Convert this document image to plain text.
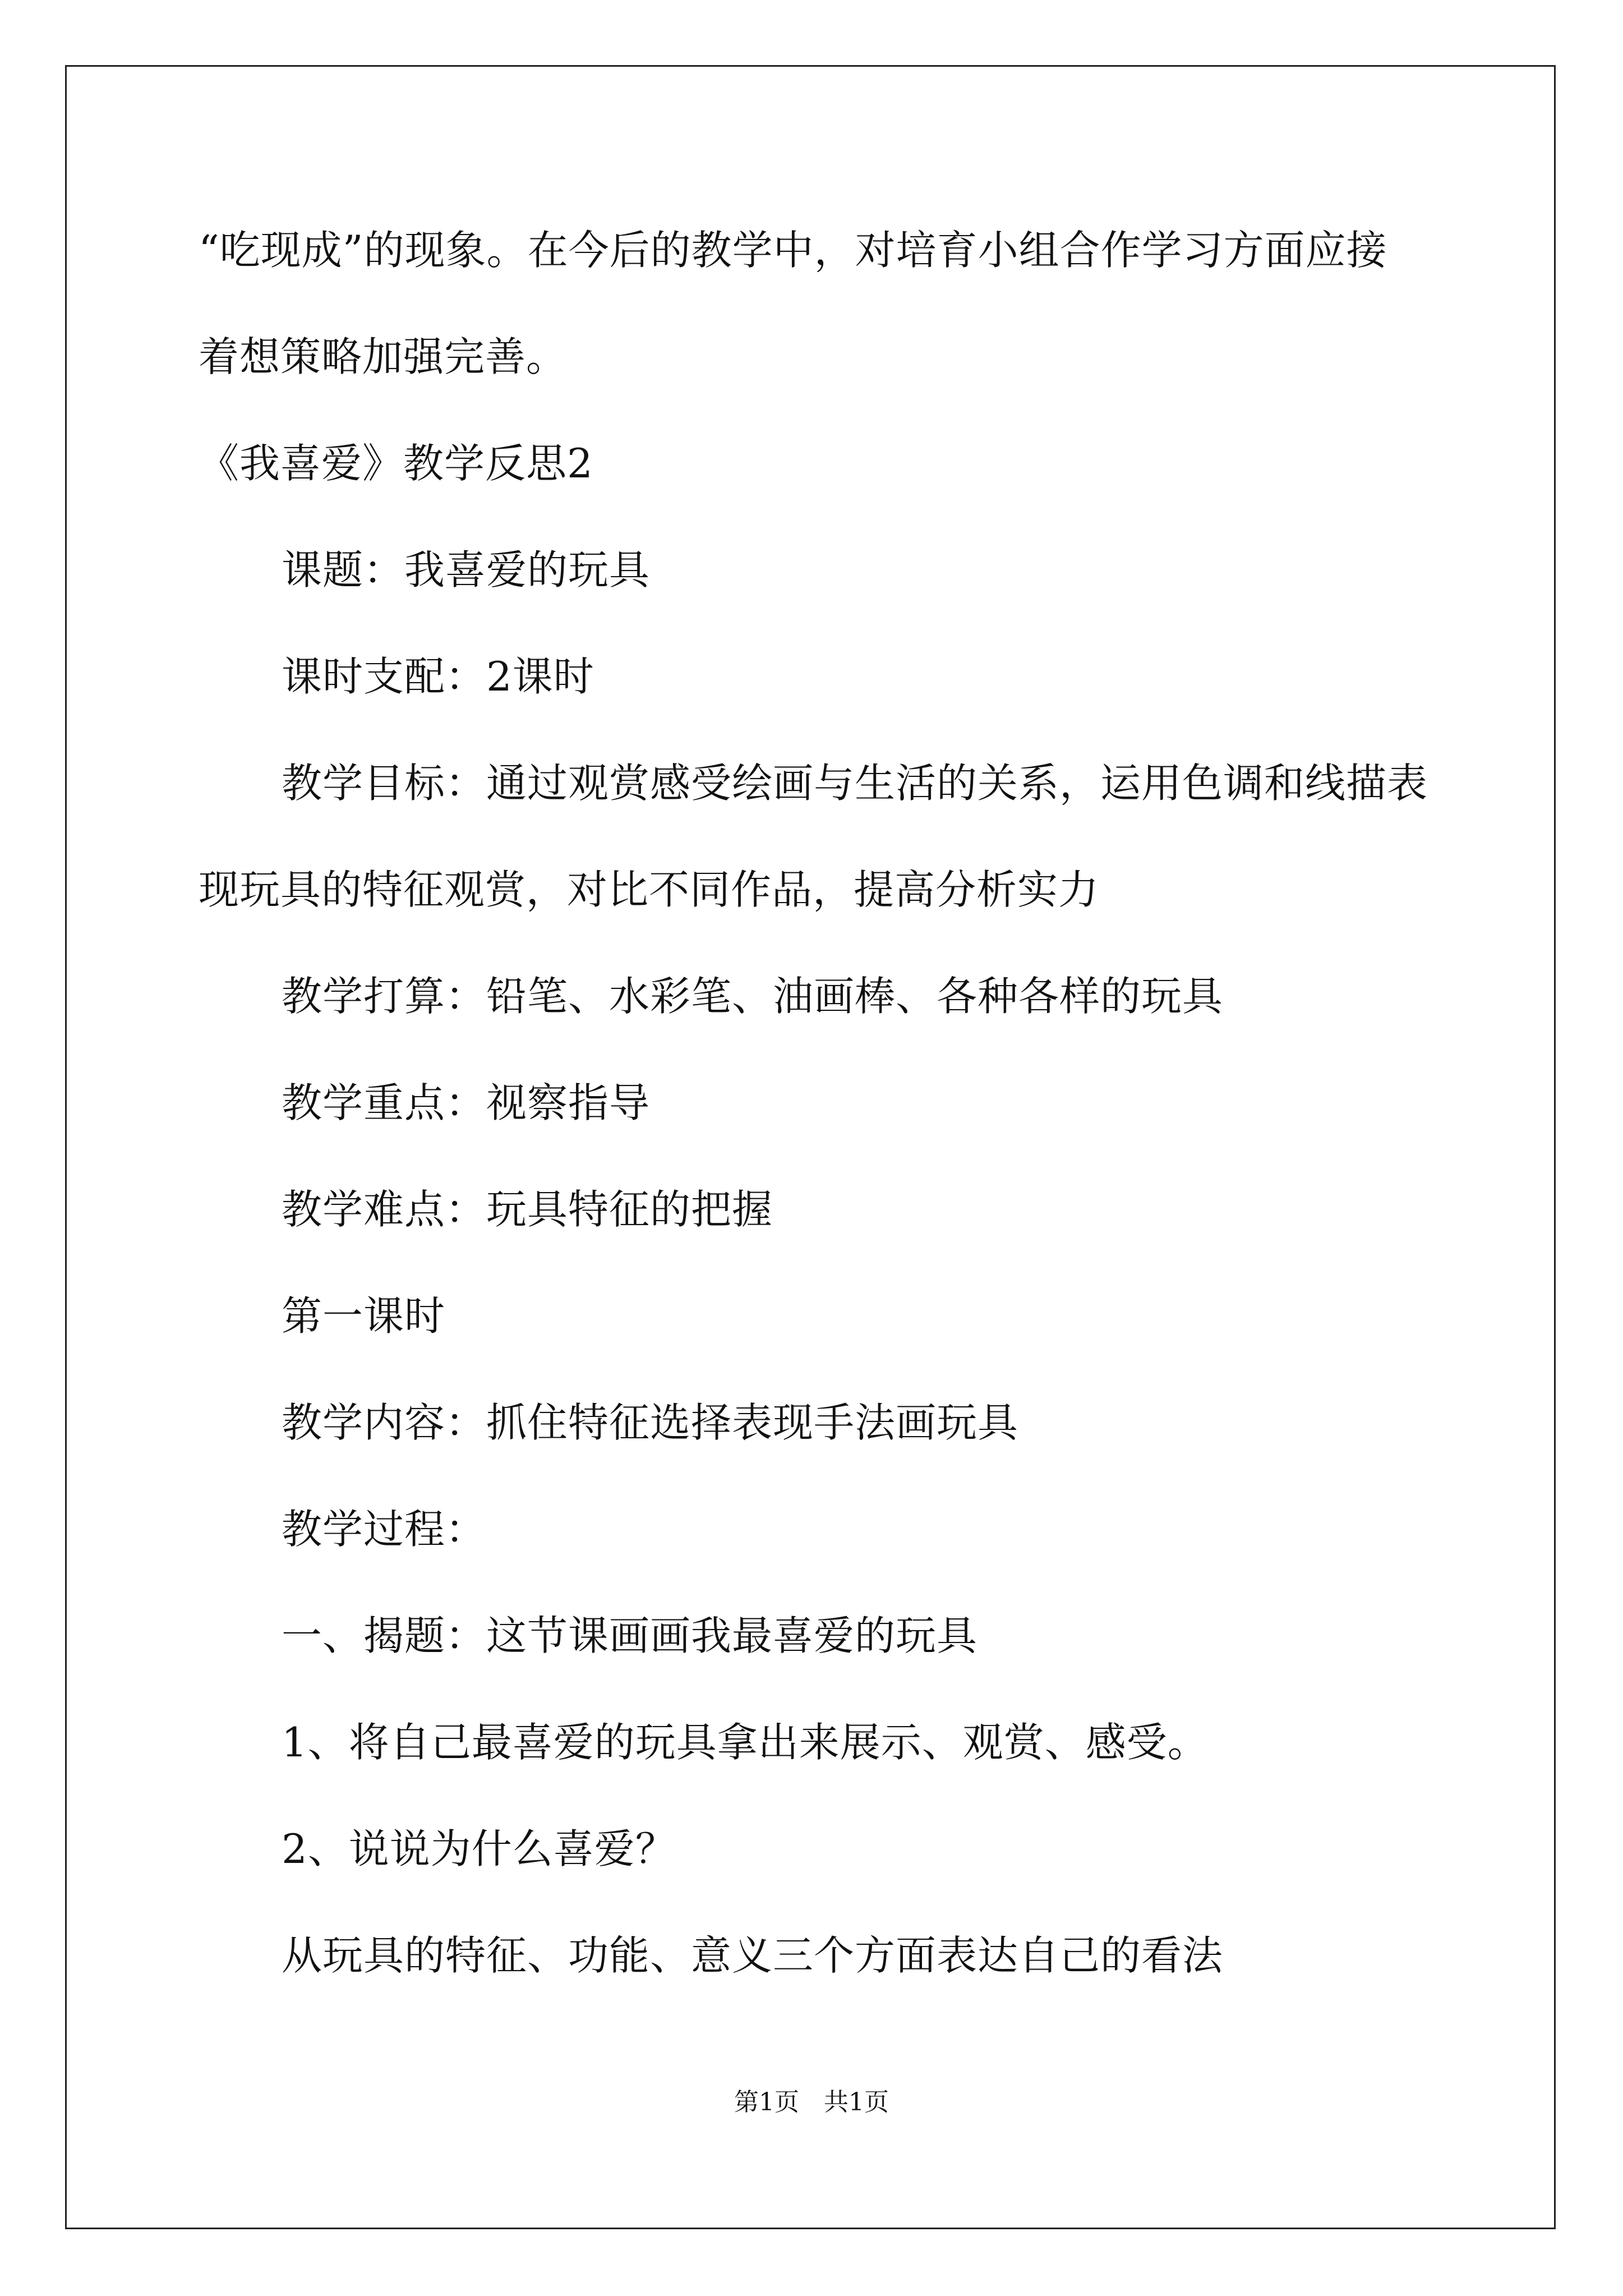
“吃现成”的现象。在今后的教学中，对培育小组合作学习方面应接
着想策略加强完善。
《我喜爱》教学反思2
课题：我喜爱的玩具
课时支配：2课时
教学目标：通过观赏感受绘画与生活的关系，运用色调和线描表
现玩具的特征观赏，对比不同作品，提高分析实力
教学打算：铅笔、水彩笔、油画棒、各种各样的玩具
教学重点：视察指导
教学难点：玩具特征的把握
第一课时
教学内容：抓住特征选择表现手法画玩具
教学过程：
一、揭题：这节课画画我最喜爱的玩具
1、将自己最喜爱的玩具拿出来展示、观赏、感受。
2、说说为什么喜爱？
从玩具的特征、功能、意义三个方面表达自己的看法
第1页　共1页
